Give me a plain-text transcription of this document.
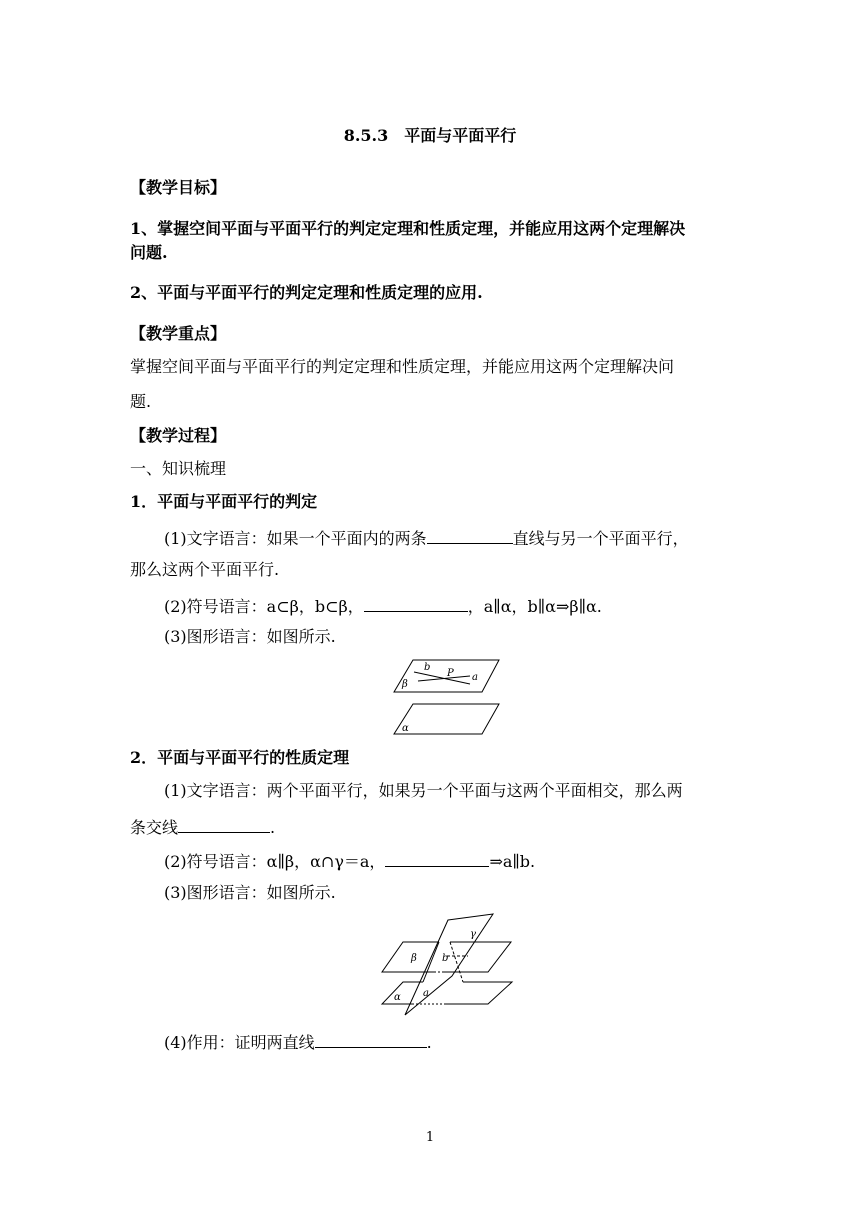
8.5.3　平面与平面平行
【教学目标】
1、掌握空间平面与平面平行的判定定理和性质定理，并能应用这两个定理解决
问题.
2、平面与平面平行的判定定理和性质定理的应用.
【教学重点】
掌握空间平面与平面平行的判定定理和性质定理，并能应用这两个定理解决问
题.
【教学过程】
一、知识梳理
1．平面与平面平行的判定
(1)文字语言：如果一个平面内的两条	直线与另一个平面平行，
那么这两个平面平行.
(2)符号语言：a⊂β，b⊂β，	，a∥α，b∥α⇒β∥α.
(3)图形语言：如图所示.
b
P a
β
α
2．平面与平面平行的性质定理
(1)文字语言：两个平面平行，如果另一个平面与这两个平面相交，那么两
条交线	.
(2)符号语言：α∥β，α∩γ＝a，	⇒a∥b.
(3)图形语言：如图所示.
γ
β	b
α a
(4)作用：证明两直线	.
1
